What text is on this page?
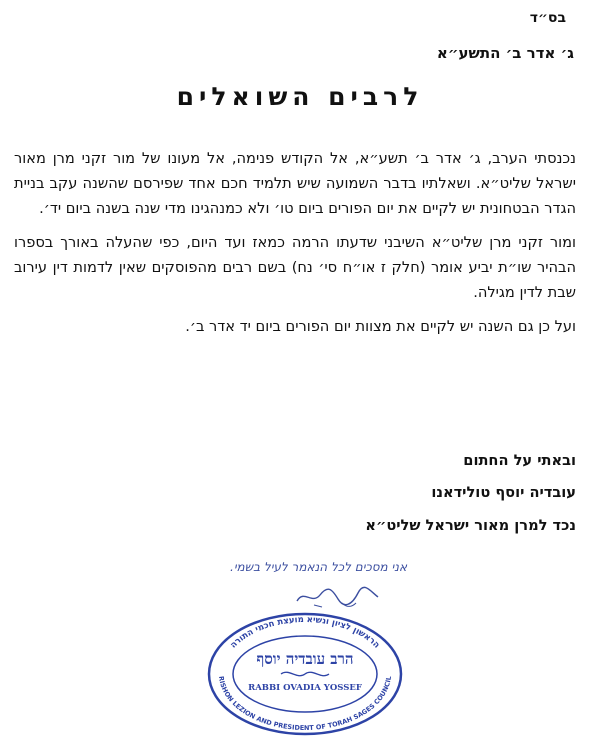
בס״ד
ג׳ אדר ב׳ התשע״א
לרבים השואלים

נכנסתי הערב, ג׳ אדר ב׳ תשע״א, אל הקודש פנימה, אל מעונו של מור זקני מרן מאור ישראל שליט״א. ושאלתיו בדבר השמועה שיש תלמיד חכם אחד שפירסם שהשנה עקב בניית הגדר הבטחונית יש לקיים את יום הפורים ביום טו׳ ולא כמנהגינו מדי שנה בשנה ביום יד׳.

ומור זקני מרן שליט״א השיבני שדעתו הרמה כמאז ועד היום, כפי שהעלה באורך בספרו הבהיר שו״ת יביע אומר (חלק ז או״ח סי׳ נח) בשם רבים מהפוסקים שאין לדמות דין עירוב שבת לדין מגילה.

ועל כן גם השנה יש לקיים את מצוות יום הפורים ביום יד אדר ב׳.

ובאתי על החתום
עובדיה יוסף טולידאנו
נכד למרן מאור ישראל שליט״א
אני מסכים לכל הנאמר לעיל בשמי.
הראשון לציון ונשיא מועצת חכמי התורה
RISHON LEZION AND PRESIDENT OF TORAH SAGES COUNCIL
הרב עובדיה יוסף
RABBI OVADIA YOSSEF
